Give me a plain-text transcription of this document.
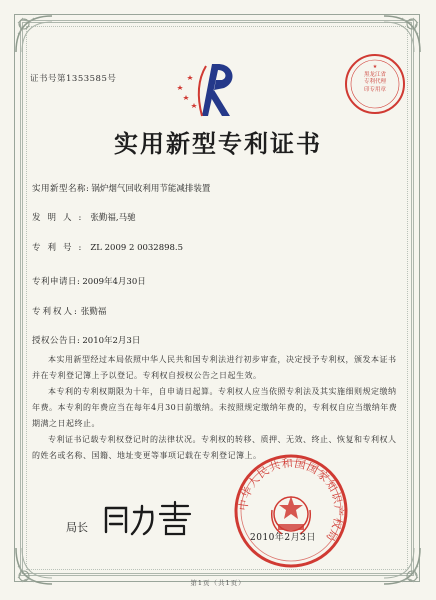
证书号第1353585号
★
黑龙江省
专利代理
印专用章
实用新型专利证书
实用新型名称: 锅炉烟气回收利用节能减排装置
发明人: 张勤福,马驰
专利号: ZL 2009 2 0032898.5
专利申请日: 2009年4月30日
专利权人: 张勤福
授权公告日: 2010年2月3日

本实用新型经过本局依照中华人民共和国专利法进行初步审查，决定授予专利权，颁发本证书并在专利登记簿上予以登记。专利权自授权公告之日起生效。

本专利的专利权期限为十年，自申请日起算。专利权人应当依照专利法及其实施细则规定缴纳年费。本专利的年费应当在每年4月30日前缴纳。未按照规定缴纳年费的，专利权自应当缴纳年费期满之日起终止。

专利证书记载专利权登记时的法律状况。专利权的转移、质押、无效、终止、恢复和专利权人的姓名或名称、国籍、地址变更等事项记载在专利登记簿上。

局长
中华人民共和国国家知识产权局
2010年2月3日
第1页（共1页）
